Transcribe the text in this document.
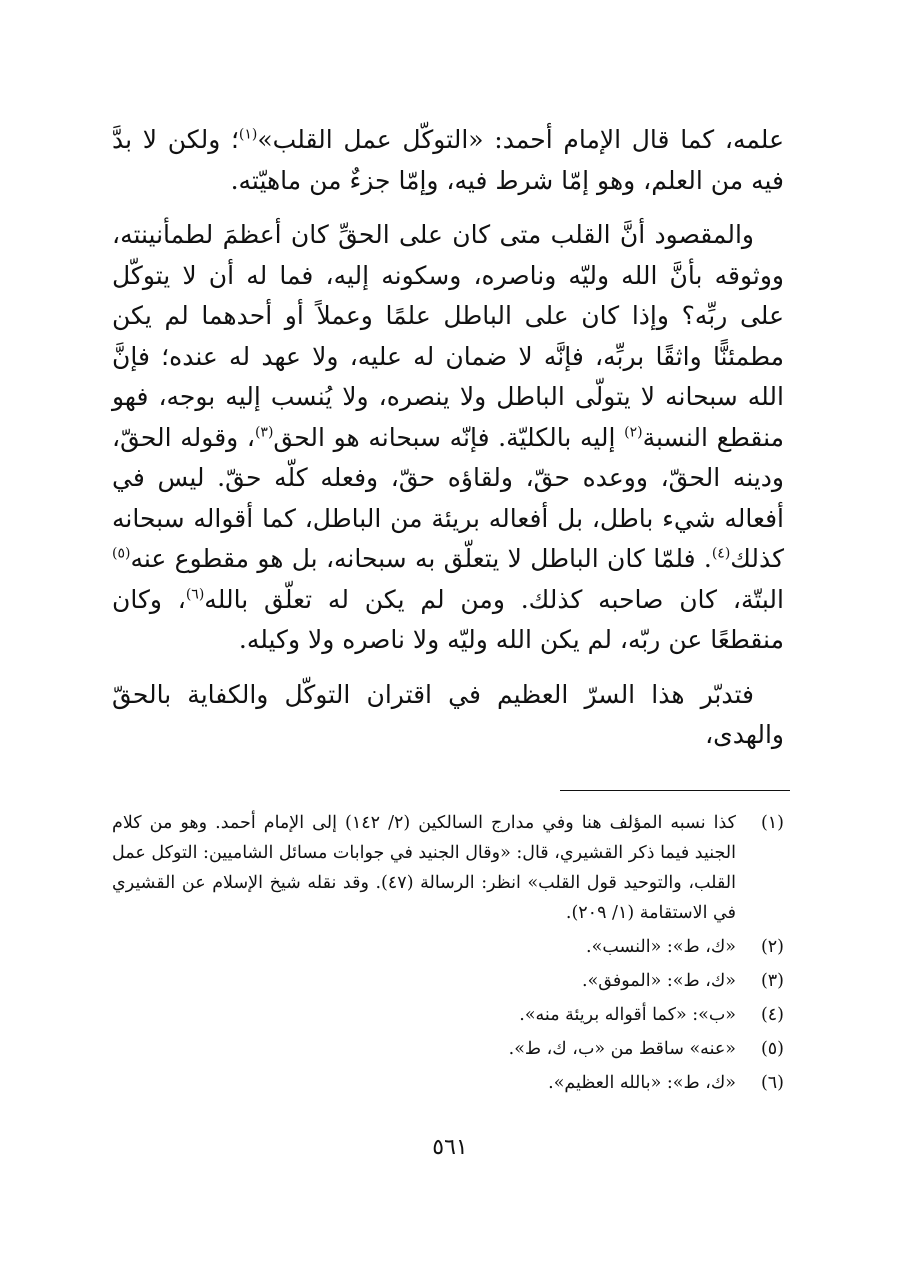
علمه، كما قال الإمام أحمد: «التوكّل عمل القلب»$^{(١)}$؛ ولكن لا بدَّ فيه من العلم، وهو إمّا شرط فيه، وإمّا جزءٌ من ماهيّته.

والمقصود أنَّ القلب متى كان على الحقِّ كان أعظمَ لطمأنينته، ووثوقه بأنَّ الله وليّه وناصره، وسكونه إليه، فما له أن لا يتوكّل على ربِّه؟ وإذا كان على الباطل علمًا وعملاً أو أحدهما لم يكن مطمئنًّا واثقًا بربِّه، فإنَّه لا ضمان له عليه، ولا عهد له عنده؛ فإنَّ الله سبحانه لا يتولّى الباطل ولا ينصره، ولا يُنسب إليه بوجه، فهو منقطع النسبة$^{(٢)}$ إليه بالكليّة. فإنّه سبحانه هو الحق$^{(٣)}$، وقوله الحقّ، ودينه الحقّ، ووعده حقّ، ولقاؤه حقّ، وفعله كلّه حقّ. ليس في أفعاله شيء باطل، بل أفعاله بريئة من الباطل، كما أقواله سبحانه كذلك$^{(٤)}$. فلمّا كان الباطل لا يتعلّق به سبحانه، بل هو مقطوع عنه$^{(٥)}$ البتّة، كان صاحبه كذلك. ومن لم يكن له تعلّق بالله$^{(٦)}$، وكان منقطعًا عن ربّه، لم يكن الله وليّه ولا ناصره ولا وكيله.

فتدبّر هذا السرّ العظيم في اقتران التوكّل والكفاية بالحقّ والهدى،

(١)
كذا نسبه المؤلف هنا وفي مدارج السالكين (٢/ ١٤٢) إلى الإمام أحمد. وهو من كلام الجنيد فيما ذكر القشيري، قال: «وقال الجنيد في جوابات مسائل الشاميين: التوكل عمل القلب، والتوحيد قول القلب» انظر: الرسالة (٤٧). وقد نقله شيخ الإسلام عن القشيري في الاستقامة (١/ ٢٠٩).
(٢)
«ك، ط»: «النسب».
(٣)
«ك، ط»: «الموفق».
(٤)
«ب»: «كما أقواله بريئة منه».
(٥)
«عنه» ساقط من «ب، ك، ط».
(٦)
«ك، ط»: «بالله العظيم».
٥٦١
